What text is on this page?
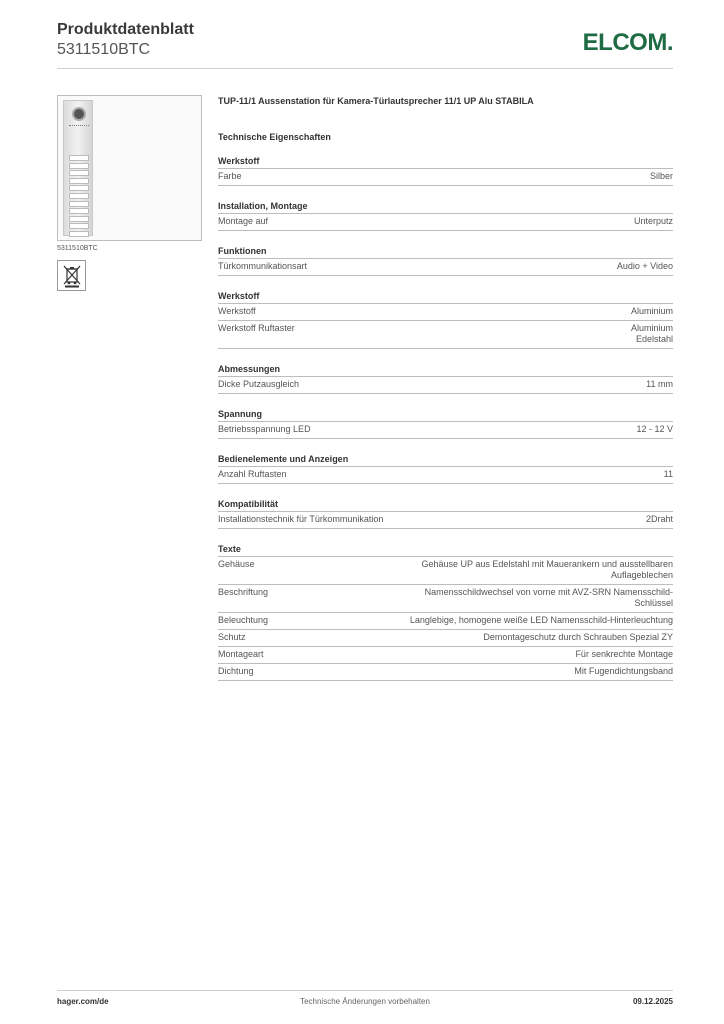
Produktdatenblatt
5311510BTC	ELCOM.
5311510BTC
TUP-11/1 Aussenstation für Kamera-Türlautsprecher 11/1 UP Alu STABILA
Technische Eigenschaften
Werkstoff
Farbe	Silber
Installation, Montage
Montage auf	Unterputz
Funktionen
Türkommunikationsart	Audio + Video
Werkstoff
Werkstoff	Aluminium
Werkstoff Ruftaster	Aluminium
Edelstahl
Abmessungen
Dicke Putzausgleich	11 mm
Spannung
Betriebsspannung LED	12 - 12 V
Bedienelemente und Anzeigen
Anzahl Ruftasten	11
Kompatibilität
Installationstechnik für Türkommunikation	2Draht
Texte
Gehäuse	Gehäuse UP aus Edelstahl mit Mauerankern und ausstellbaren Auflageblechen
Beschriftung	Namensschildwechsel von vorne mit AVZ-SRN Namensschild-Schlüssel
Beleuchtung	Langlebige, homogene weiße LED Namensschild-Hinterleuchtung
Schutz	Demontageschutz durch Schrauben Spezial ZY
Montageart	Für senkrechte Montage
Dichtung	Mit Fugendichtungsband
hager.com/de	Technische Änderungen vorbehalten	09.12.2025
